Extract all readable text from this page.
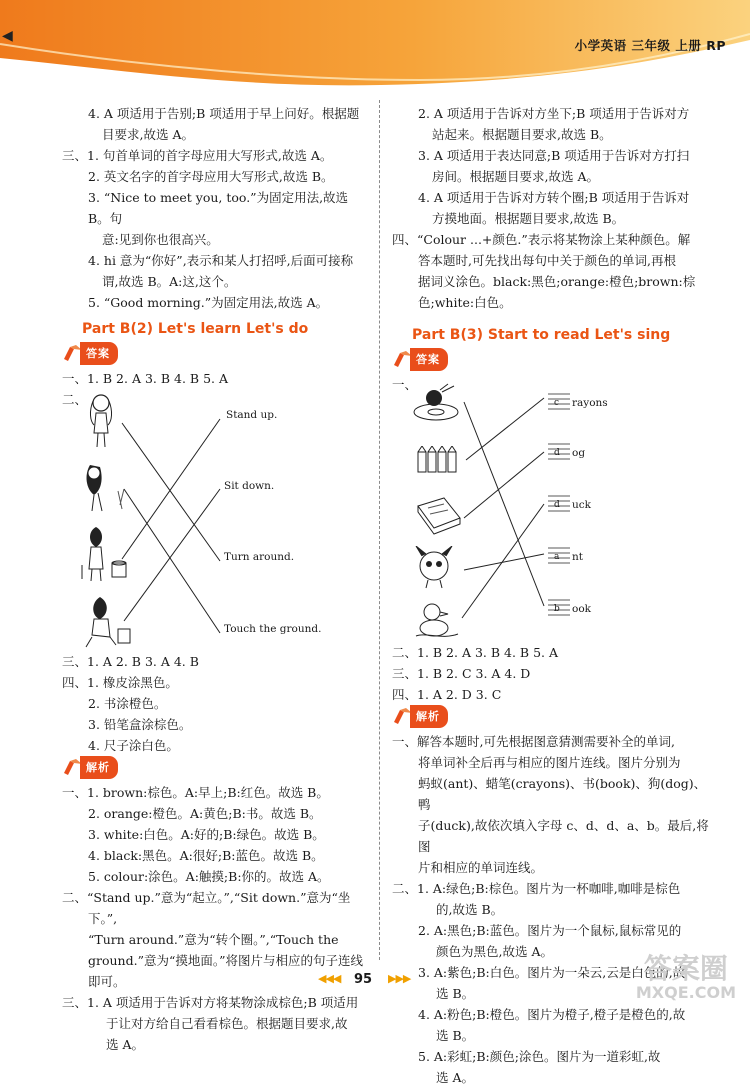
◀
小学英语 三年级 上册 RP

4. A 项适用于告别;B 项适用于早上问好。根据题

目要求,故选 A。

三、1. 句首单词的首字母应用大写形式,故选 A。

2. 英文名字的首字母应用大写形式,故选 B。

3. “Nice to meet you, too.”为固定用法,故选 B。句

意:见到你也很高兴。

4. hi 意为“你好”,表示和某人打招呼,后面可接称

谓,故选 B。A:这,这个。

5. “Good morning.”为固定用法,故选 A。

Part B(2) Let's learn Let's do
答案

一、1. B 2. A 3. B 4. B 5. A

二、

Stand up.
Sit down.
Turn around.
Touch the ground.

三、1. A 2. B 3. A 4. B

四、1. 橡皮涂黑色。

2. 书涂橙色。

3. 铅笔盒涂棕色。

4. 尺子涂白色。

解析

一、1. brown:棕色。A:早上;B:红色。故选 B。

2. orange:橙色。A:黄色;B:书。故选 B。

3. white:白色。A:好的;B:绿色。故选 B。

4. black:黑色。A:很好;B:蓝色。故选 B。

5. colour:涂色。A:触摸;B:你的。故选 A。

二、“Stand up.”意为“起立。”,“Sit down.”意为“坐下。”,

“Turn around.”意为“转个圈。”,“Touch the

ground.”意为“摸地面。”将图片与相应的句子连线

即可。

三、1. A 项适用于告诉对方将某物涂成棕色;B 项适用

于让对方给自己看看棕色。根据题目要求,故

选 A。

2. A 项适用于告诉对方坐下;B 项适用于告诉对方

站起来。根据题目要求,故选 B。

3. A 项适用于表达同意;B 项适用于告诉对方打扫

房间。根据题目要求,故选 A。

4. A 项适用于告诉对方转个圈;B 项适用于告诉对

方摸地面。根据题目要求,故选 B。

四、“Colour ...+颜色.”表示将某物涂上某种颜色。解

答本题时,可先找出每句中关于颜色的单词,再根

据词义涂色。black:黑色;orange:橙色;brown:棕

色;white:白色。

Part B(3) Start to read Let's sing
答案

一、

c rayons
d og
d uck
a nt
b ook

二、1. B 2. A 3. B 4. B 5. A

三、1. B 2. C 3. A 4. D

四、1. A 2. D 3. C

解析

一、解答本题时,可先根据图意猜测需要补全的单词,

将单词补全后再与相应的图片连线。图片分别为

蚂蚁(ant)、蜡笔(crayons)、书(book)、狗(dog)、鸭

子(duck),故依次填入字母 c、d、d、a、b。最后,将图

片和相应的单词连线。

二、1. A:绿色;B:棕色。图片为一杯咖啡,咖啡是棕色

的,故选 B。

2. A:黑色;B:蓝色。图片为一个鼠标,鼠标常见的

颜色为黑色,故选 A。

3. A:紫色;B:白色。图片为一朵云,云是白色的,故

选 B。

4. A:粉色;B:橙色。图片为橙子,橙子是橙色的,故

选 B。

5. A:彩虹;B:颜色;涂色。图片为一道彩虹,故

选 A。

◀◀◀ 95 ▶▶▶	答案圈
MXQE.COM
